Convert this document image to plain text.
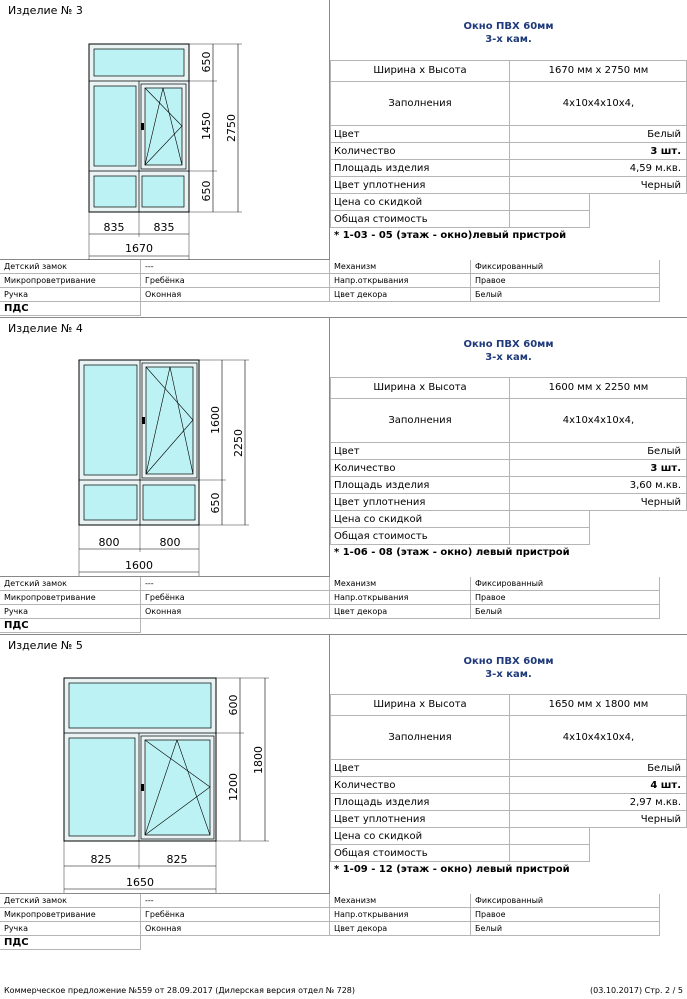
Изделие № 3
650
1450
650
2750
835	835
1670
Окно ПВХ 60мм
3-х кам.
Ширина х Высота	1670 мм х 2750 мм
Заполнения	4х10х4х10х4,
Цвет	Белый
Количество	3 шт.
Площадь изделия	4,59 м.кв.
Цвет уплотнения	Черный
Цена со скидкой
Общая стоимость
* 1-03 - 05 (этаж - окно)левый пристрой
Детский замок	---	Механизм	Фиксированный
Микропроветривание	Гребёнка	Напр.открывания	Правое
Ручка	Оконная	Цвет декора	Белый
ПДС
Изделие № 4
1600
650
2250
800	800
1600
Окно ПВХ 60мм
3-х кам.
Ширина х Высота	1600 мм х 2250 мм
Заполнения	4х10х4х10х4,
Цвет	Белый
Количество	3 шт.
Площадь изделия	3,60 м.кв.
Цвет уплотнения	Черный
Цена со скидкой
Общая стоимость
* 1-06 - 08 (этаж - окно) левый пристрой
Детский замок	---	Механизм	Фиксированный
Микропроветривание	Гребёнка	Напр.открывания	Правое
Ручка	Оконная	Цвет декора	Белый
ПДС
Изделие № 5
600
1200
1800
825	825
1650
Окно ПВХ 60мм
3-х кам.
Ширина х Высота	1650 мм х 1800 мм
Заполнения	4х10х4х10х4,
Цвет	Белый
Количество	4 шт.
Площадь изделия	2,97 м.кв.
Цвет уплотнения	Черный
Цена со скидкой
Общая стоимость
* 1-09 - 12 (этаж - окно) левый пристрой
Детский замок	---	Механизм	Фиксированный
Микропроветривание	Гребёнка	Напр.открывания	Правое
Ручка	Оконная	Цвет декора	Белый
ПДС
Коммерческое предложение №559 от 28.09.2017 (Дилерская версия отдел № 728)	(03.10.2017) Стр. 2 / 5
